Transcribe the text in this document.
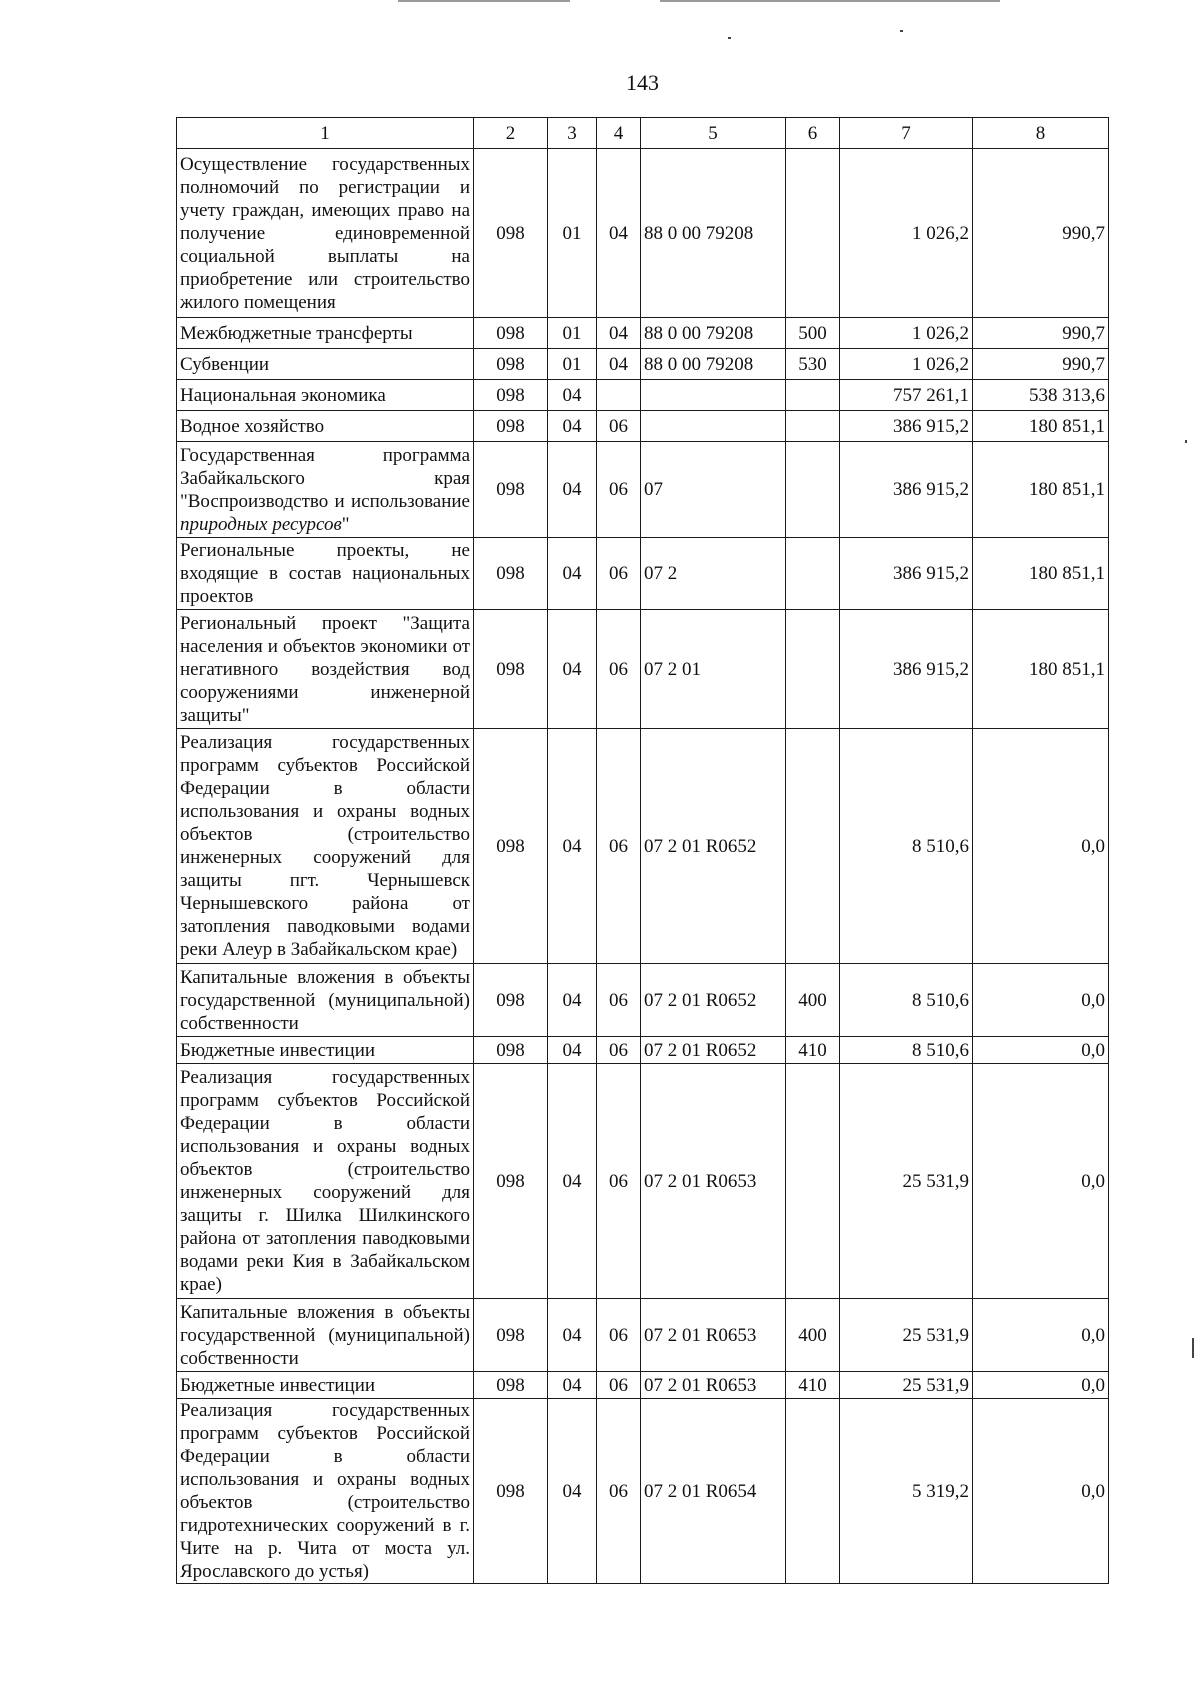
143
1	2	3	4	5	6	7	8
Осуществление государственных полномочий по регистрации и учету граждан, имеющих право на получение единовременной социальной выплаты на приобретение или строительство жилого помещения	098	01	04	88 0 00 79208		1 026,2	990,7
Межбюджетные трансферты	098	01	04	88 0 00 79208	500	1 026,2	990,7
Субвенции	098	01	04	88 0 00 79208	530	1 026,2	990,7
Национальная экономика	098	04				757 261,1	538 313,6
Водное хозяйство	098	04	06			386 915,2	180 851,1
Государственная программа Забайкальского края "Воспроизводство и использование природных ресурсов"	098	04	06	07		386 915,2	180 851,1
Региональные проекты, не входящие в состав национальных проектов	098	04	06	07 2		386 915,2	180 851,1
Региональный проект "Защита населения и объектов экономики от негативного воздействия вод сооружениями инженерной защиты"	098	04	06	07 2 01		386 915,2	180 851,1
Реализация государственных программ субъектов Российской Федерации в области использования и охраны водных объектов (строительство инженерных сооружений для защиты пгт. Чернышевск Чернышевского района от затопления паводковыми водами реки Алеур в Забайкальском крае)	098	04	06	07 2 01 R0652		8 510,6	0,0
Капитальные вложения в объекты государственной (муниципальной) собственности	098	04	06	07 2 01 R0652	400	8 510,6	0,0
Бюджетные инвестиции	098	04	06	07 2 01 R0652	410	8 510,6	0,0
Реализация государственных программ субъектов Российской Федерации в области использования и охраны водных объектов (строительство инженерных сооружений для защиты г. Шилка Шилкинского района от затопления паводковыми водами реки Кия в Забайкальском крае)	098	04	06	07 2 01 R0653		25 531,9	0,0
Капитальные вложения в объекты государственной (муниципальной) собственности	098	04	06	07 2 01 R0653	400	25 531,9	0,0
Бюджетные инвестиции	098	04	06	07 2 01 R0653	410	25 531,9	0,0
Реализация государственных программ субъектов Российской Федерации в области использования и охраны водных объектов (строительство гидротехнических сооружений в г. Чите на р. Чита от моста ул. Ярославского до устья)	098	04	06	07 2 01 R0654		5 319,2	0,0
